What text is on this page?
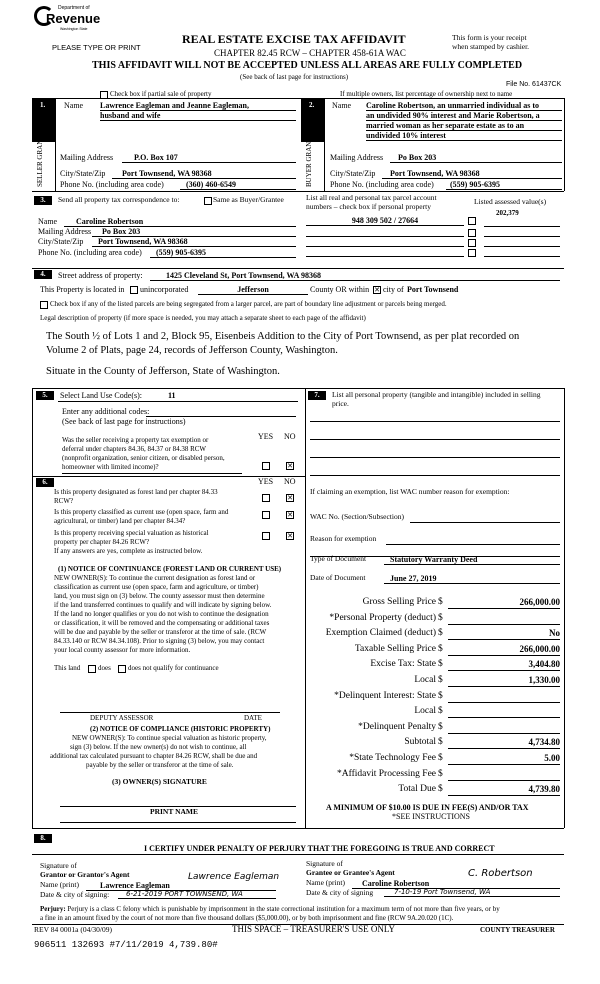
Department of
Revenue
Washington State
PLEASE TYPE OR PRINT
REAL ESTATE EXCISE TAX AFFIDAVIT
CHAPTER 82.45 RCW – CHAPTER 458-61A WAC
This form is your receipt
when stamped by cashier.
THIS AFFIDAVIT WILL NOT BE ACCEPTED UNLESS ALL AREAS ARE FULLY COMPLETED
(See back of last page for instructions)
File No. 61437CK
Check box if partial sale of property	If multiple owners, list percentage of ownership next to name
1.	2.
SELLER GRANTOR	BUYER GRANTEE
Name Lawrence Eagleman and Jeanne Eagleman,
husband and wife
Mailing Address	P.O. Box 107
City/State/Zip	Port Townsend, WA 98368
Phone No. (including area code)	(360) 460-6549
Name Caroline Robertson, an unmarried individual as to
an undivided 90% interest and Marie Robertson, a
married woman as her separate estate as to an
undivided 10% interest
Mailing Address	Po Box 203
City/State/Zip	Port Townsend, WA 98368
Phone No. (including area code)	(559) 905-6395
3.	Send all property tax correspondence to:	Same as Buyer/Grantee	List all real and personal tax parcel account
numbers – check box if personal property
Listed assessed value(s)
202,379
Name	Caroline Robertson
Mailing Address	Po Box 203
City/State/Zip	Port Townsend, WA 98368
Phone No. (including area code)	(559) 905-6395
948 309 502 / 27664
4.	Street address of property:	1425 Cleveland St, Port Townsend, WA 98368
This Property is located in unincorporated	Jefferson	County OR within ✕ city of Port Townsend
Check box if any of the listed parcels are being segregated from a larger parcel, are part of boundary line adjustment or parcels being merged.
Legal description of property (if more space is needed, you may attach a separate sheet to each page of the affidavit)
The South ½ of Lots 1 and 2, Block 95, Eisenbeis Addition to the City of Port Townsend, as per plat recorded on
Volume 2 of Plats, page 24, records of Jefferson County, Washington.
Situate in the County of Jefferson, State of Washington.
5.	Select Land Use Code(s):	11
Enter any additional codes:
(See back of last page for instructions)
YES NO
Was the seller receiving a property tax exemption or
deferral under chapters 84.36, 84.37 or 84.38 RCW
(nonprofit organization, senior citizen, or disabled person,
homeowner with limited income)?	✕
6.	YES NO
Is this property designated as forest land per chapter 84.33
RCW?	✕
Is this property classified as current use (open space, farm and
agricultural, or timber) land per chapter 84.34?
✕
Is this property receiving special valuation as historical
property per chapter 84.26 RCW?
✕
If any answers are yes, complete as instructed below.
(1) NOTICE OF CONTINUANCE (FOREST LAND OR CURRENT USE)
NEW OWNER(S): To continue the current designation as forest land or
classification as current use (open space, farm and agriculture, or timber)
land, you must sign on (3) below. The county assessor must then determine
if the land transferred continues to qualify and will indicate by signing below.
If the land no longer qualifies or you do not wish to continue the designation
or classification, it will be removed and the compensating or additional taxes
will be due and payable by the seller or transferor at the time of sale. (RCW
84.33.140 or RCW 84.34.108). Prior to signing (3) below, you may contact
your local county assessor for more information.
This land	does does not qualify for continuance
DEPUTY ASSESSOR	DATE
(2) NOTICE OF COMPLIANCE (HISTORIC PROPERTY)
NEW OWNER(S): To continue special valuation as historic property,
sign (3) below. If the new owner(s) do not wish to continue, all
additional tax calculated pursuant to chapter 84.26 RCW, shall be due and
payable by the seller or transferor at the time of sale.
(3) OWNER(S) SIGNATURE
PRINT NAME
7.	List all personal property (tangible and intangible) included in selling
price.
If claiming an exemption, list WAC number reason for exemption:
WAC No. (Section/Subsection)
Reason for exemption
Type of Document	Statutory Warranty Deed
Date of Document	June 27, 2019
Gross Selling Price $	266,000.00
*Personal Property (deduct) $
Exemption Claimed (deduct) $	No
Taxable Selling Price $	266,000.00
Excise Tax: State $	3,404.80
Local $	1,330.00
*Delinquent Interest: State $
Local $
*Delinquent Penalty $
Subtotal $	4,734.80
*State Technology Fee $	5.00
*Affidavit Processing Fee $
Total Due $	4,739.80
A MINIMUM OF $10.00 IS DUE IN FEE(S) AND/OR TAX
*SEE INSTRUCTIONS
8.
I CERTIFY UNDER PENALTY OF PERJURY THAT THE FOREGOING IS TRUE AND CORRECT
Signature of
Grantor or Grantor's Agent
Name (print)	Lawrence Eagleman
Lawrence Eagleman
Date & city of signing:	6-21-2019 PORT TOWNSEND, WA
Signature of
Grantee or Grantee's Agent
Name (print)	Caroline Robertson
C. Robertson
Date & city of signing	7-10-19 Port Townsend, WA
Perjury: Perjury is a class C felony which is punishable by imprisonment in the state correctional institution for a maximum term of not more than five years, or by
a fine in an amount fixed by the court of not more than five thousand dollars ($5,000.00), or by both imprisonment and fine (RCW 9A.20.020 (1C).
REV 84 0001a (04/30/09)	THIS SPACE – TREASURER'S USE ONLY	COUNTY TREASURER
906511 132693 #7/11/2019 4,739.80#
